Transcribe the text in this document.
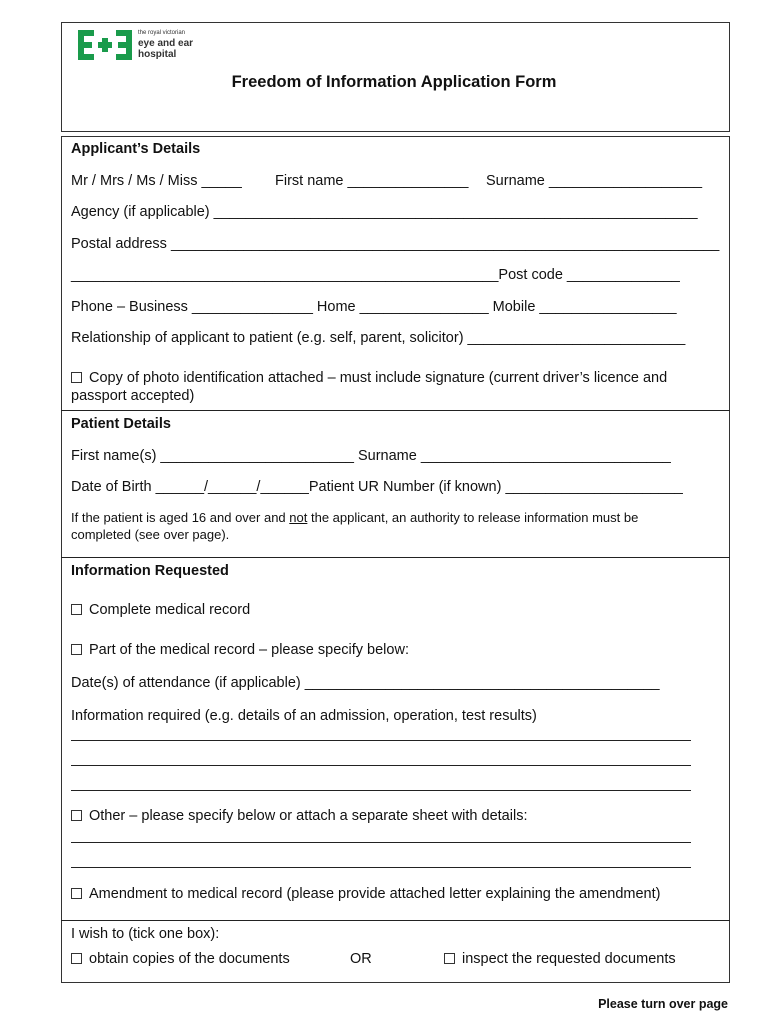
the royal victorian
eye and ear
hospital
Freedom of Information Application Form
Applicant’s Details
Mr / Mrs / Ms / Miss _____ First name _______________ Surname ___________________
Agency (if applicable) ____________________________________________________________
Postal address ____________________________________________________________________
_____________________________________________________Post code ______________
Phone – Business _______________ Home ________________ Mobile _________________
Relationship of applicant to patient (e.g. self, parent, solicitor) ___________________________
Copy of photo identification attached – must include signature (current driver’s licence and
passport accepted)
Patient Details
First name(s) ________________________ Surname _______________________________
Date of Birth ______/______/______Patient UR Number (if known) ______________________
If the patient is aged 16 and over and not the applicant, an authority to release information must be
completed (see over page).
Information Requested
Complete medical record
Part of the medical record – please specify below:
Date(s) of attendance (if applicable) ____________________________________________
Information required (e.g. details of an admission, operation, test results)
Other – please specify below or attach a separate sheet with details:
Amendment to medical record (please provide attached letter explaining the amendment)
I wish to (tick one box):
obtain copies of the documents	OR	inspect the requested documents
Please turn over page
